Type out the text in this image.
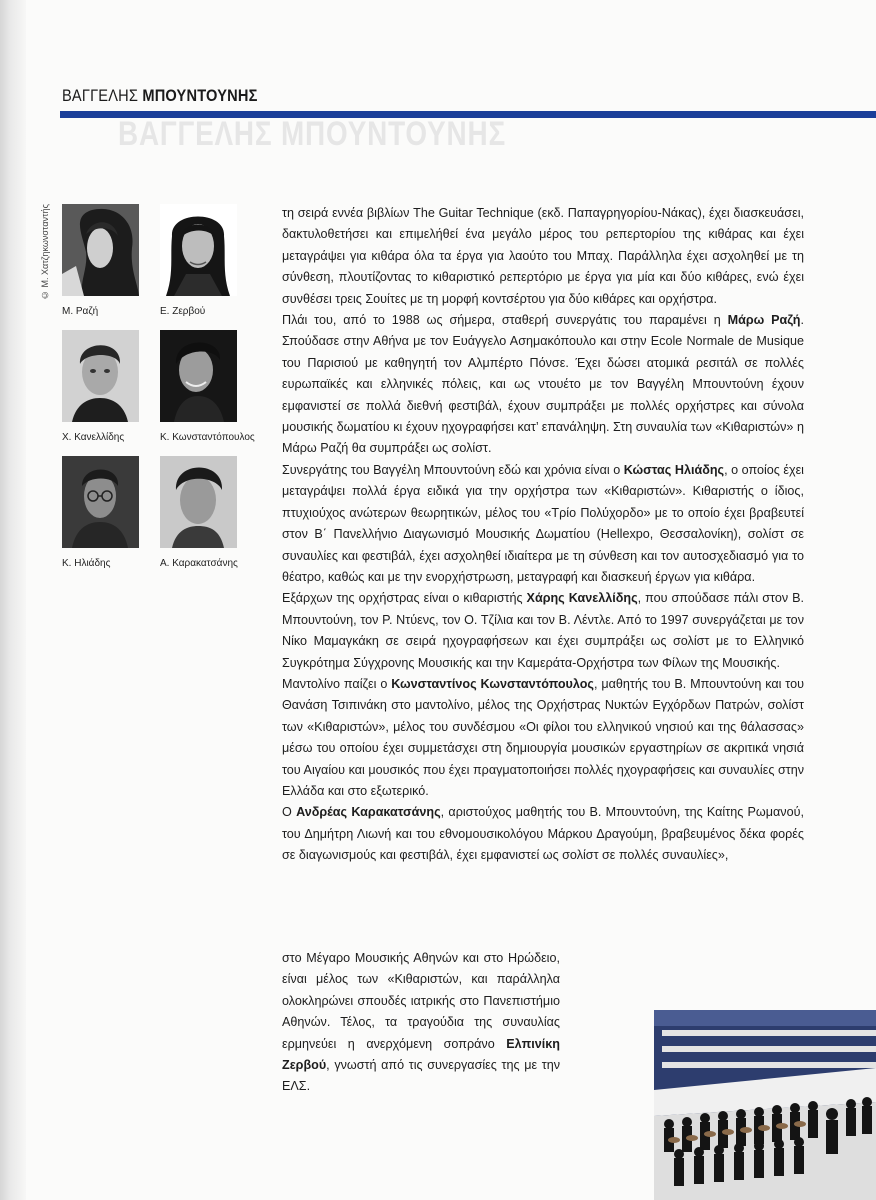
ΒΑΓΓΕΛΗΣ ΜΠΟΥΝΤΟΥΝΗΣ
ΒΑΓΓΕΛΗΣ ΜΠΟΥΝΤΟΥΝΗΣ
© Μ. Χατζηκωνσταντής
Μ. Ραζή	Ε. Ζερβού
Χ. Κανελλίδης	Κ. Κωνσταντόπουλος
Κ. Ηλιάδης	Α. Καρακατσάνης

τη σειρά εννέα βιβλίων The Guitar Technique (εκδ. Παπαγρηγορίου-Νάκας), έχει διασκευάσει, δακτυλοθετήσει και επιμελήθεί ένα μεγάλο μέρος του ρεπερτορίου της κιθάρας και έχει μεταγράψει για κιθάρα όλα τα έργα για λαούτο του Μπαχ. Παράλληλα έχει ασχοληθεί με τη σύνθεση, πλουτίζοντας το κιθαριστικό ρεπερτόριο με έργα για μία και δύο κιθάρες, ενώ έχει συνθέσει τρεις Σουίτες με τη μορφή κοντσέρτου για δύο κιθάρες και ορχήστρα.

Πλάι του, από το 1988 ως σήμερα, σταθερή συνεργάτις του παραμένει η Μάρω Ραζή. Σπούδασε στην Αθήνα με τον Ευάγγελο Ασημακόπουλο και στην Ecole Normale de Musique του Παρισιού με καθηγητή τον Αλμπέρτο Πόνσε. Έχει δώσει ατομικά ρεσιτάλ σε πολλές ευρωπαϊκές και ελληνικές πόλεις, και ως ντουέτο με τον Βαγγέλη Μπουντούνη έχουν εμφανιστεί σε πολλά διεθνή φεστιβάλ, έχουν συμπράξει με πολλές ορχήστρες και σύνολα μουσικής δωματίου κι έχουν ηχογραφήσει κατ’ επανάληψη. Στη συναυλία των «Κιθαριστών» η Μάρω Ραζή θα συμπράξει ως σολίστ.

Συνεργάτης του Βαγγέλη Μπουντούνη εδώ και χρόνια είναι ο Κώστας Ηλιάδης, ο οποίος έχει μεταγράψει πολλά έργα ειδικά για την ορχήστρα των «Κιθαριστών». Κιθαριστής ο ίδιος, πτυχιούχος ανώτερων θεωρητικών, μέλος του «Τρίο Πολύχορδο» με το οποίο έχει βραβευτεί στον Β΄ Πανελλήνιο Διαγωνισμό Μουσικής Δωματίου (Hellexpo, Θεσσαλονίκη), σολίστ σε συναυλίες και φεστιβάλ, έχει ασχοληθεί ιδιαίτερα με τη σύνθεση και τον αυτοσχεδιασμό για το θέατρο, καθώς και με την ενορχήστρωση, μεταγραφή και διασκευή έργων για κιθάρα.

Εξάρχων της ορχήστρας είναι ο κιθαριστής Χάρης Κανελλίδης, που σπούδασε πάλι στον Β. Μπουντούνη, τον Ρ. Ντύενς, τον Ο. Τζίλια και τον Β. Λέντλε. Από το 1997 συνεργάζεται με τον Νίκο Μαμαγκάκη σε σειρά ηχογραφήσεων και έχει συμπράξει ως σολίστ με το Ελληνικό Συγκρότημα Σύγχρονης Μουσικής και την Καμεράτα-Ορχήστρα των Φίλων της Μουσικής.

Μαντολίνο παίζει ο Κωνσταντίνος Κωνσταντόπουλος, μαθητής του Β. Μπουντούνη και του Θανάση Τσιπινάκη στο μαντολίνο, μέλος της Ορχήστρας Νυκτών Εγχόρδων Πατρών, σολίστ των «Κιθαριστών», μέλος του συνδέσμου «Οι φίλοι του ελληνικού νησιού και της θάλασσας» μέσω του οποίου έχει συμμετάσχει στη δημιουργία μουσικών εργαστηρίων σε ακριτικά νησιά του Αιγαίου και μουσικός που έχει πραγματοποιήσει πολλές ηχογραφήσεις και συναυλίες στην Ελλάδα και στο εξωτερικό.

Ο Ανδρέας Καρακατσάνης, αριστούχος μαθητής του Β. Μπουντούνη, της Καίτης Ρωμανού, του Δημήτρη Λιωνή και του εθνομουσικολόγου Μάρκου Δραγούμη, βραβευμένος δέκα φορές σε διαγωνισμούς και φεστιβάλ, έχει εμφανιστεί ως σολίστ σε πολλές συναυλίες»,

στο Μέγαρο Μουσικής Αθηνών και στο Ηρώδειο, είναι μέλος των «Κιθαριστών, και παράλληλα ολοκληρώνει σπουδές ιατρικής στο Πανεπιστήμιο Αθηνών. Τέλος, τα τραγούδια της συναυλίας ερμηνεύει η ανερχόμενη σοπράνο Ελπινίκη Ζερβού, γνωστή από τις συνεργασίες της με την ΕΛΣ.
